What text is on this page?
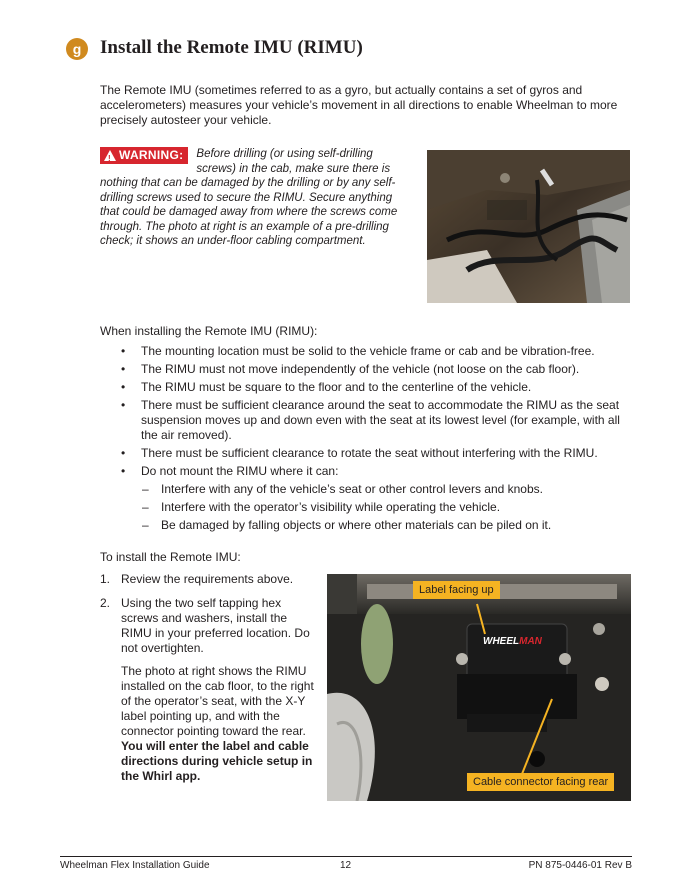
g Install the Remote IMU (RIMU)
The Remote IMU (sometimes referred to as a gyro, but actually contains a set of gyros and accelerometers) measures your vehicle’s movement in all directions to enable Wheelman to more precisely autosteer your vehicle.
! WARNING: Before drilling (or using self-drilling screws) in the cab, make sure there is nothing that can be damaged by the drilling or by any self-drilling screws used to secure the RIMU. Secure anything that could be damaged away from where the screws come through. The photo at right is an example of a pre-drilling check; it shows an under-floor cabling compartment.
When installing the Remote IMU (RIMU):
• The mounting location must be solid to the vehicle frame or cab and be vibration-free.
• The RIMU must not move independently of the vehicle (not loose on the cab floor).
• The RIMU must be square to the floor and to the centerline of the vehicle.
• There must be sufficient clearance around the seat to accommodate the RIMU as the seat suspension moves up and down even with the seat at its lowest level (for example, with all the air removed).
• There must be sufficient clearance to rotate the seat without interfering with the RIMU.
• Do not mount the RIMU where it can:
– Interfere with any of the vehicle’s seat or other control levers and knobs.
– Interfere with the operator’s visibility while operating the vehicle.
– Be damaged by falling objects or where other materials can be piled on it.
To install the Remote IMU:
1. Review the requirements above.
2. Using the two self tapping hex screws and washers, install the RIMU in your preferred location. Do not overtighten.
The photo at right shows the RIMU installed on the cab floor, to the right of the operator’s seat, with the X-Y label pointing up, and with the connector pointing toward the rear. You will enter the label and cable directions during vehicle setup in the Whirl app.
WHEELMAN
Label facing up
Cable connector facing rear
Wheelman Flex Installation Guide	12	PN 875-0446-01 Rev B
